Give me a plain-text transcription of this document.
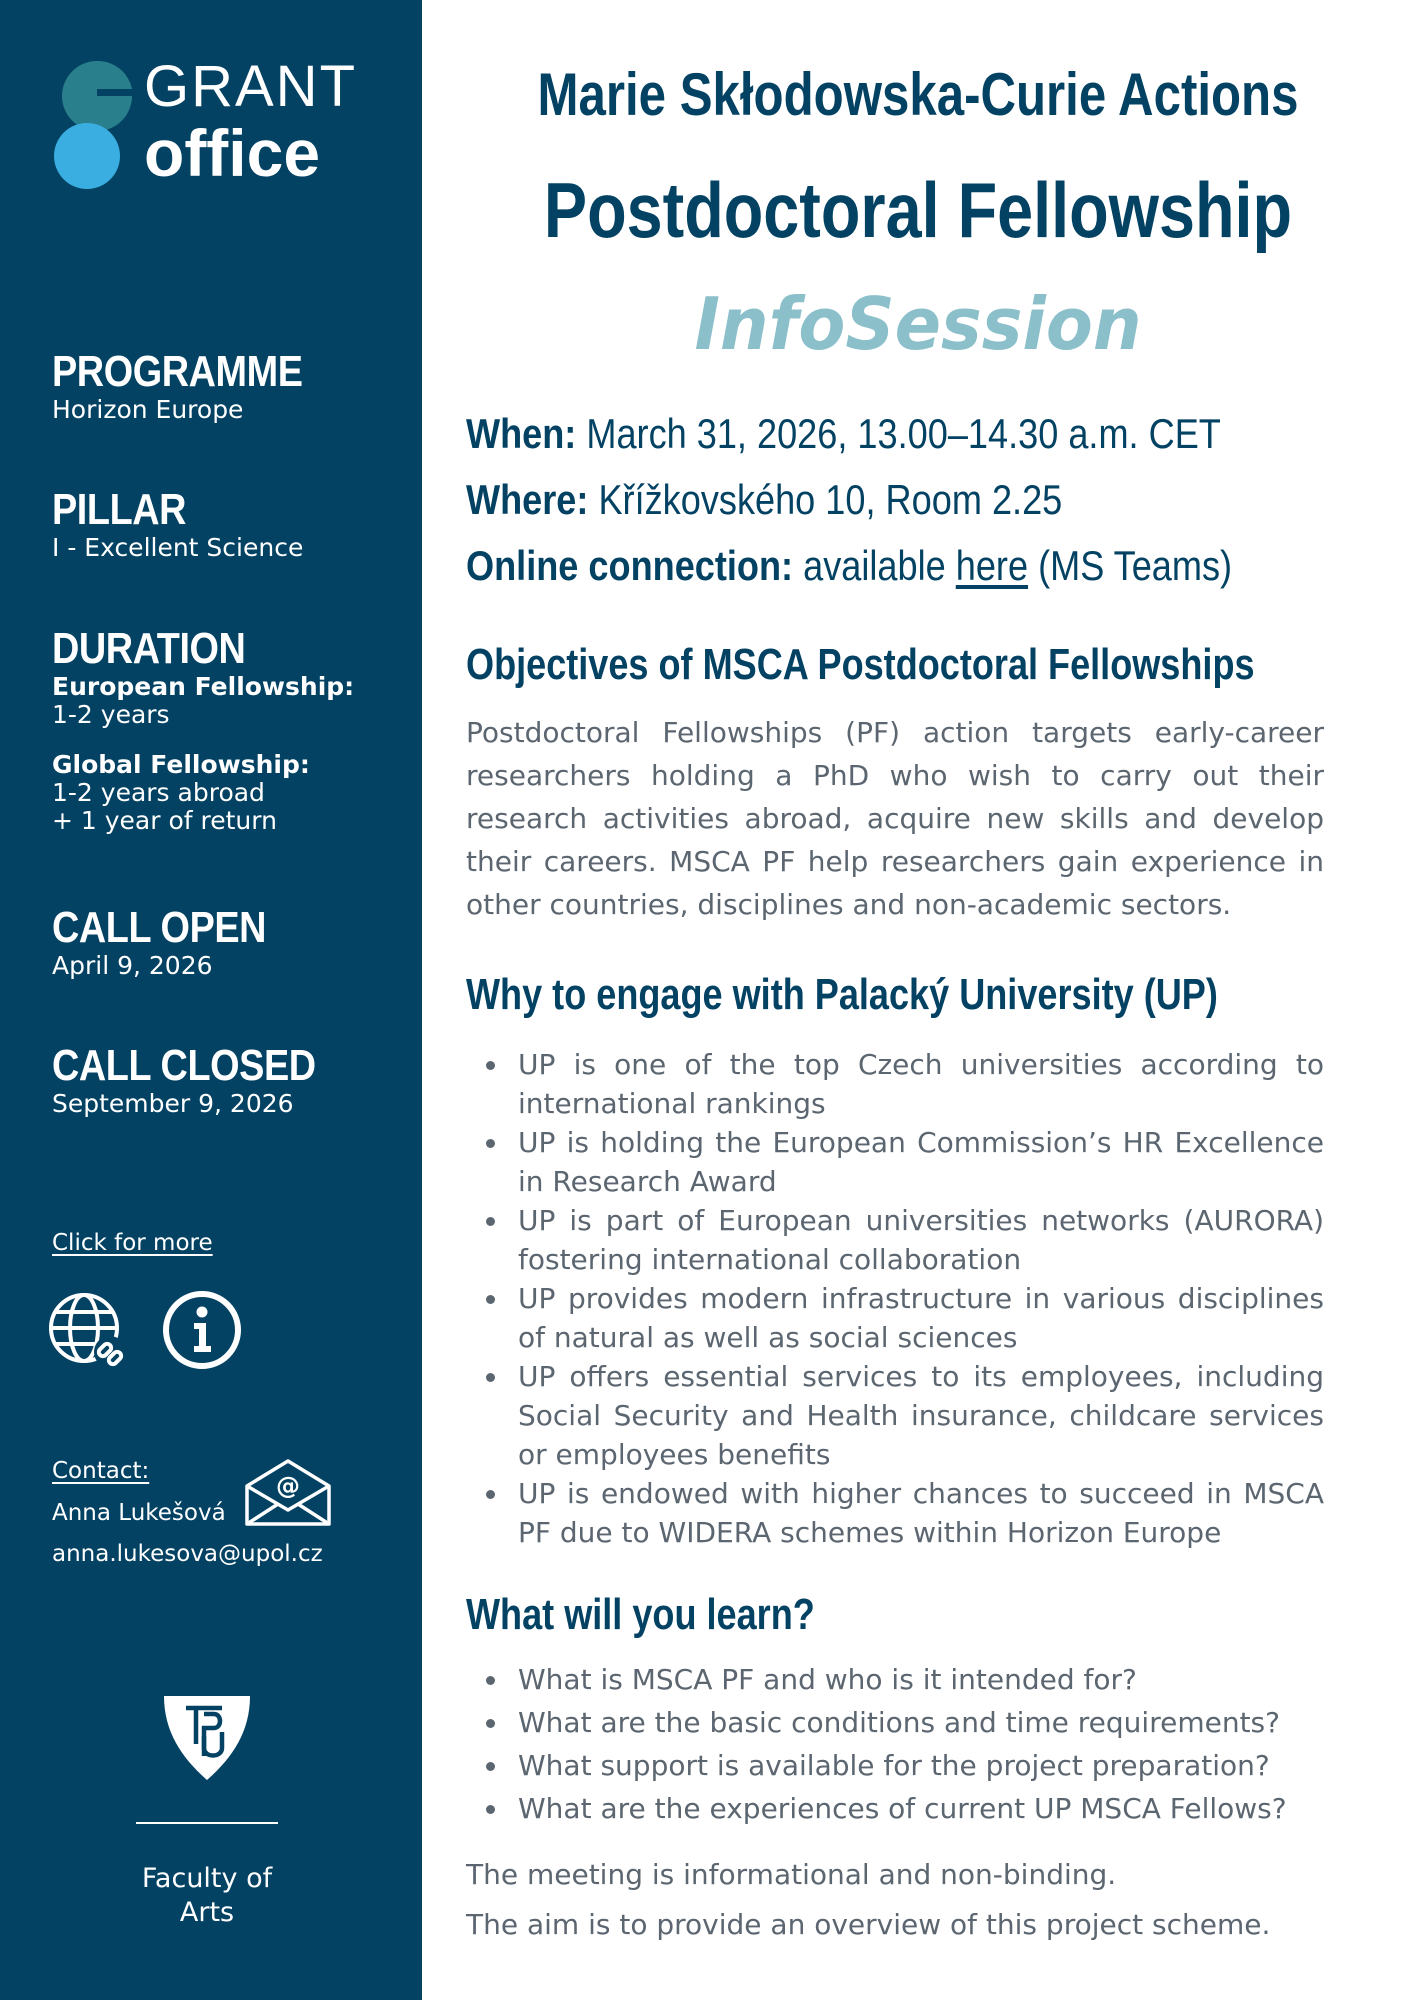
GRANT
office
PROGRAMME
Horizon Europe
PILLAR
I - Excellent Science
DURATION
European Fellowship:
1-2 years
Global Fellowship:
1-2 years abroad
+ 1 year of return
CALL OPEN
April 9, 2026
CALL CLOSED
September 9, 2026
Click for more
Contact:
Anna Lukešová
anna.lukesova@upol.cz
@
Faculty of Arts
Marie Skłodowska-Curie Actions
Postdoctoral Fellowship
InfoSession
When: March 31, 2026, 13.00–14.30 a.m. CET
Where: Křížkovského 10, Room 2.25
Online connection: available here (MS Teams)
Objectives of MSCA Postdoctoral Fellowships
Postdoctoral Fellowships (PF) action targets early-career researchers holding a PhD who wish to carry out their research activities abroad, acquire new skills and develop their careers. MSCA PF help researchers gain experience in other countries, disciplines and non-academic sectors.
Why to engage with Palacký University (UP)
UP is one of the top Czech universities according to international rankings
UP is holding the European Commission’s HR Excellence in Research Award
UP is part of European universities networks (AURORA) fostering international collaboration
UP provides modern infrastructure in various disciplines of natural as well as social sciences
UP offers essential services to its employees, including Social Security and Health insurance, childcare services or employees benefits
UP is endowed with higher chances to succeed in MSCA PF due to WIDERA schemes within Horizon Europe
What will you learn?
What is MSCA PF and who is it intended for?
What are the basic conditions and time requirements?
What support is available for the project preparation?
What are the experiences of current UP MSCA Fellows?
The meeting is informational and non-binding.
The aim is to provide an overview of this project scheme.
